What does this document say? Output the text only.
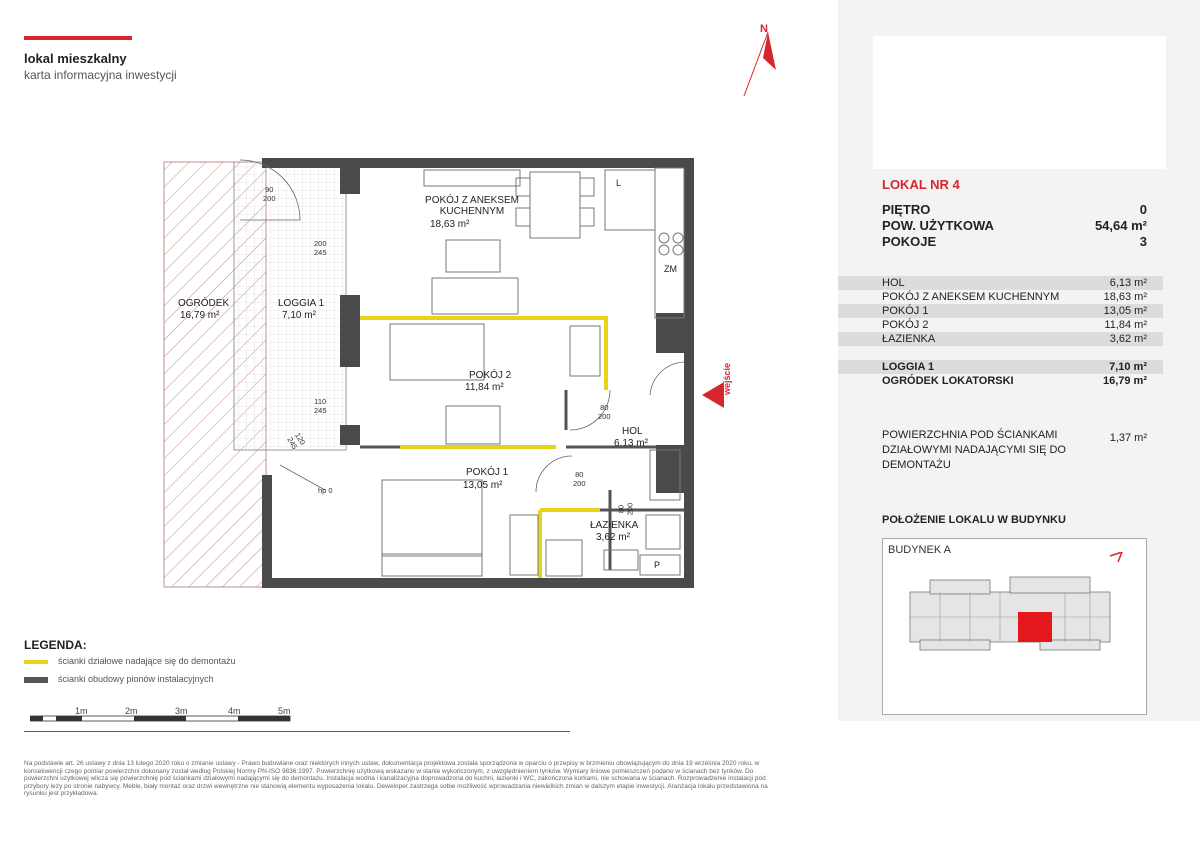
lokal mieszkalny
karta informacyjna inwestycji
N
POKÓJ Z ANEKSEM
KUCHENNYM
18,63 m²
LOGGIA 1
7,10 m²
OGRÓDEK
16,79 m²
POKÓJ 2
11,84 m²
HOL
6,13 m²
POKÓJ 1
13,05 m²
ŁAZIENKA
3,62 m²
90
200
200
245
110
245
120
245
80
200
80
200
80
200
hp 0
L
ZM
P
wejście
LOKAL NR 4
PIĘTRO	0
POW. UŻYTKOWA	54,64 m²
POKOJE	3
HOL	6,13 m²
POKÓJ Z ANEKSEM KUCHENNYM	18,63 m²
POKÓJ 1	13,05 m²
POKÓJ 2	11,84 m²
ŁAZIENKA	3,62 m²
LOGGIA 1	7,10 m²
OGRÓDEK LOKATORSKI	16,79 m²
POWIERZCHNIA POD ŚCIANKAMI DZIAŁOWYMI NADAJĄCYMI SIĘ DO DEMONTAŻU
1,37 m²
POŁOŻENIE LOKALU W BUDYNKU
BUDYNEK A
LEGENDA:
ścianki działowe nadające się do demontażu
ścianki obudowy pionów instalacyjnych
1m	2m	3m	4m	5m
Na podstawie art. 26 ustawy z dnia 13 lutego 2020 roku o zmianie ustawy - Prawo budowlane oraz niektórych innych ustaw, dokumentacja projektowa została sporządzona w oparciu o przepisy w brzmieniu obowiązującym do dnia 19 września 2020 roku, w konsekwencji czego pomiar powierzchni dokonany został według Polskiej Normy PN-ISO 9836:1997. Powierzchnię użytkową wskazano w stanie wykończonym, z uwzględnieniem tynków. Wymiary liniowe pomieszczeń podano w ścianach bez tynków. Do powierzchni użytkowej wlicza się powierzchnię pod ściankami działowymi nadającymi się do demontażu. Instalacja wodna i kanalizacyjna doprowadzona do kuchni, łazienki i WC, zakończona korkami, nie schowana w ścianach. Rozprowadzenie instalacji pod przybory leży po stronie nabywcy. Meble, biały montaż oraz drzwi wewnętrzne nie stanowią elementu wyposażenia lokalu. Deweloper zastrzega sobie możliwość wprowadzania niewielkich zmian w dalszym etapie inwestycji. Aranżacja lokalu przedstawiona na rysunku jest przykładowa.
